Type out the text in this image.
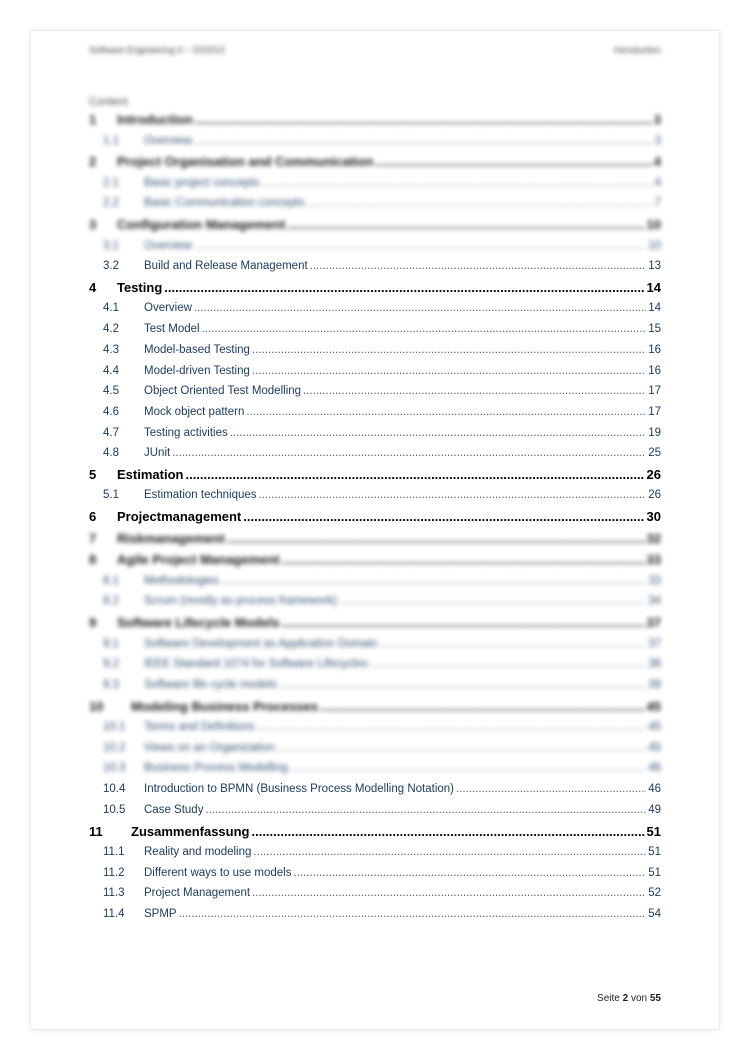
Software Engineering II – SS2013	Introduction
Content
1	Introduction .....	3
1.1	Overview .....	3
2	Project Organisation and Communication .....	4
2.1	Basic project concepts .....	4
2.2	Basic Communication concepts .....	7
3	Configuration Management .....	10
3.1	Overview .....	10
3.2	Build and Release Management .....	13
4	Testing .....	14
4.1	Overview .....	14
4.2	Test Model .....	15
4.3	Model-based Testing .....	16
4.4	Model-driven Testing .....	16
4.5	Object Oriented Test Modelling .....	17
4.6	Mock object pattern .....	17
4.7	Testing activities .....	19
4.8	JUnit .....	25
5	Estimation .....	26
5.1	Estimation techniques .....	26
6	Projectmanagement .....	30
7	Riskmanagement .....	32
8	Agile Project Management .....	33
8.1	Methodologies .....	33
8.2	Scrum (mostly as process framework) .....	34
9	Software Lifecycle Models .....	37
9.1	Software Development as Application Domain .....	37
9.2	IEEE Standard 1074 for Software Lifecycles .....	38
9.3	Software life cycle models .....	39
10	Modeling Business Processes .....	45
10.1	Terms and Definitions .....	45
10.2	Views on an Organization .....	45
10.3	Business Process Modelling .....	46
10.4	Introduction to BPMN (Business Process Modelling Notation) .....	46
10.5	Case Study .....	49
11	Zusammenfassung .....	51
11.1	Reality and modeling .....	51
11.2	Different ways to use models .....	51
11.3	Project Management .....	52
11.4	SPMP .....	54
Seite 2 von 55
